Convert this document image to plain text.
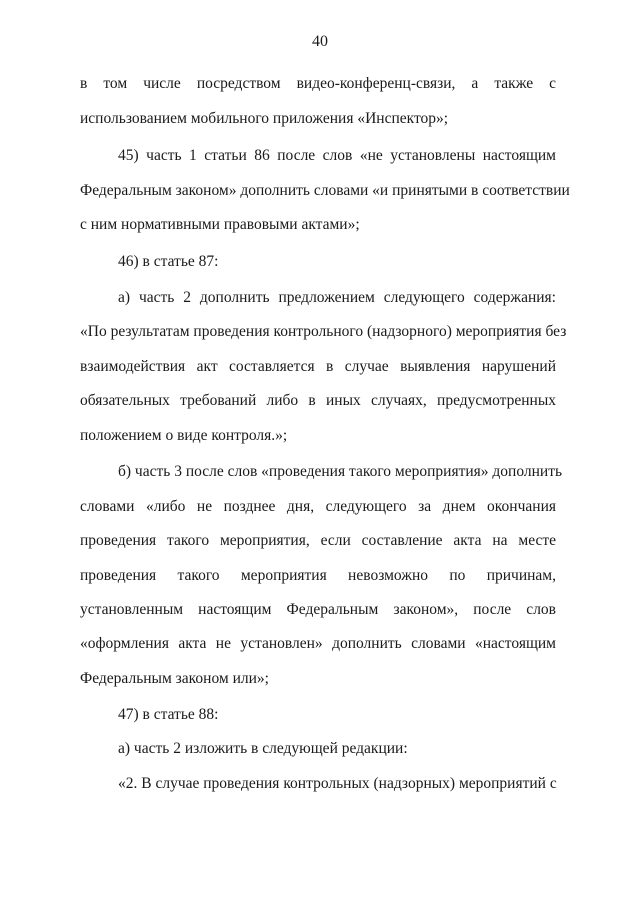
40
в том числе посредством видео-конференц-связи, а также с
использованием мобильного приложения «Инспектор»;
45) часть 1 статьи 86 после слов «не установлены настоящим
Федеральным законом» дополнить словами «и принятыми в соответствии
с ним нормативными правовыми актами»;
46) в статье 87:
а) часть 2 дополнить предложением следующего содержания:
«По результатам проведения контрольного (надзорного) мероприятия без
взаимодействия акт составляется в случае выявления нарушений
обязательных требований либо в иных случаях, предусмотренных
положением о виде контроля.»;
б) часть 3 после слов «проведения такого мероприятия» дополнить
словами «либо не позднее дня, следующего за днем окончания
проведения такого мероприятия, если составление акта на месте
проведения такого мероприятия невозможно по причинам,
установленным настоящим Федеральным законом», после слов
«оформления акта не установлен» дополнить словами «настоящим
Федеральным законом или»;
47) в статье 88:
а) часть 2 изложить в следующей редакции:
«2. В случае проведения контрольных (надзорных) мероприятий с
